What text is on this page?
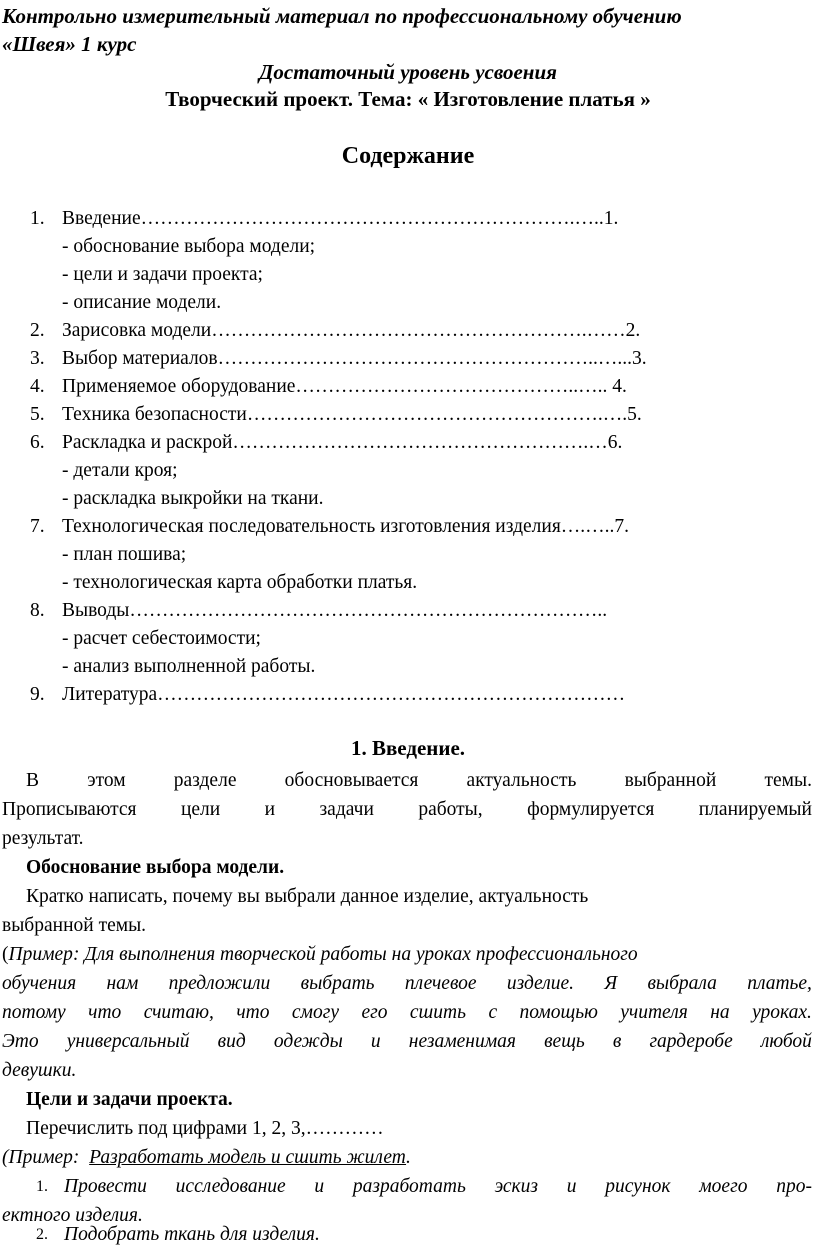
Контрольно измерительный материал по профессиональному обучению
«Швея» 1 курс
Достаточный уровень усвоения
Творческий проект. Тема: « Изготовление платья »
Содержание
1. Введение………………………………………………………….…..1.
- обоснование выбора модели;
- цели и задачи проекта;
- описание модели.
2. Зарисовка модели………………………………………………….……2.
3. Выбор материалов…………………………………………………..…...3.
4. Применяемое оборудование……………………………………..….. 4.
5. Техника безопасности……………………………………………….….5.
6. Раскладка и раскрой……………………………………………….…6.
- детали кроя;
- раскладка выкройки на ткани.
7. Технологическая последовательность изготовления изделия….…..7.
- план пошива;
- технологическая карта обработки платья.
8. Выводы………………………………………………………………..
- расчет себестоимости;
- анализ выполненной работы.
9. Литература………………………………………………………………
1. Введение.
В этом разделе обосновывается актуальность выбранной темы.
Прописываются цели и задачи работы, формулируется планируемый
результат.
Обоснование выбора модели.
Кратко написать, почему вы выбрали данное изделие, актуальность
выбранной темы.
(Пример: Для выполнения творческой работы на уроках профессионального
обучения нам предложили выбрать плечевое изделие. Я выбрала платье,
потому что считаю, что смогу его сшить с помощью учителя на уроках.
Это универсальный вид одежды и незаменимая вещь в гардеробе любой
девушки.
Цели и задачи проекта.
Перечислить под цифрами 1, 2, 3,…………
(Пример: Разработать модель и сшить жилет.
1. Провести исследование и разработать эскиз и рисунок моего про-
ектного изделия.
2. Подобрать ткань для изделия.
